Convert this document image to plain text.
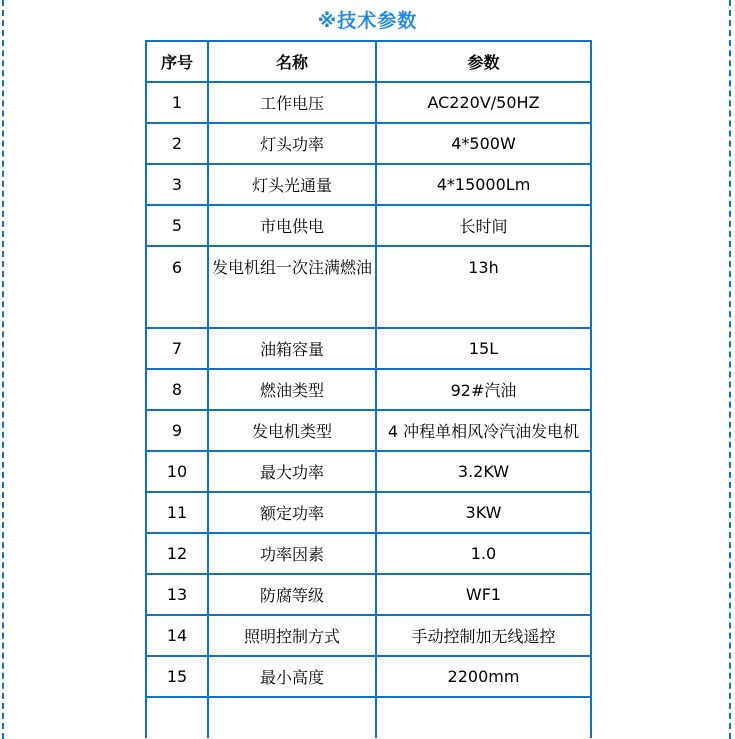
※技术参数
序号	名称	参数
1	工作电压	AC220V/50HZ
2	灯头功率	4*500W
3	灯头光通量	4*15000Lm
5	市电供电	长时间
6	发电机组一次注满燃油	13h
7	油箱容量	15L
8	燃油类型	92#汽油
9	发电机类型	4 冲程单相风冷汽油发电机
10	最大功率	3.2KW
11	额定功率	3KW
12	功率因素	1.0
13	防腐等级	WF1
14	照明控制方式	手动控制加无线遥控
15	最小高度	2200mm
